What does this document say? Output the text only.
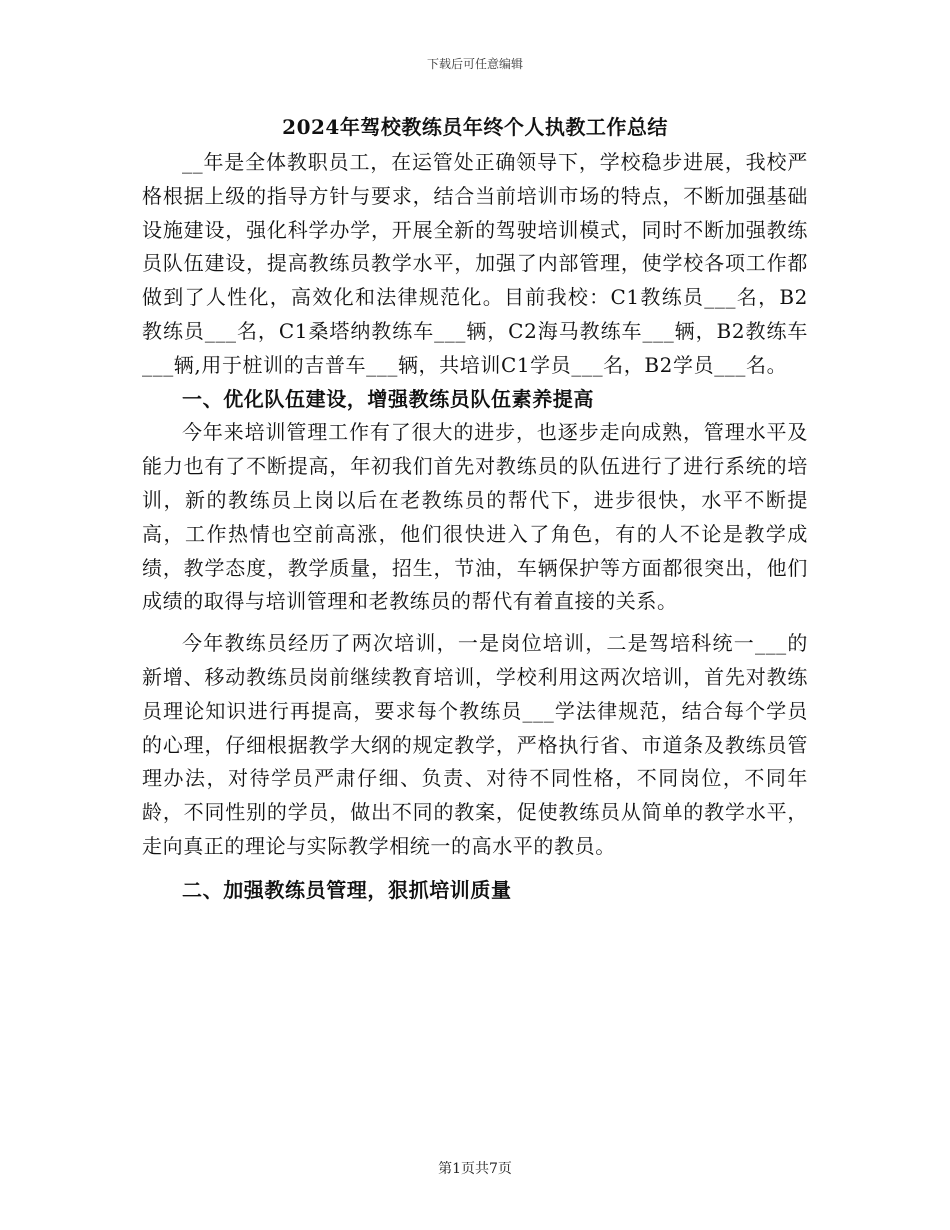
下载后可任意编辑
2024年驾校教练员年终个人执教工作总结

__年是全体教职员工，在运管处正确领导下，学校稳步进展，我校严格根据上级的指导方针与要求，结合当前培训市场的特点，不断加强基础设施建设，强化科学办学，开展全新的驾驶培训模式，同时不断加强教练员队伍建设，提高教练员教学水平，加强了内部管理，使学校各项工作都做到了人性化，高效化和法律规范化。目前我校：C1教练员___名，B2教练员___名，C1桑塔纳教练车___辆，C2海马教练车___辆，B2教练车___辆,用于桩训的吉普车___辆，共培训C1学员___名，B2学员___名。

一、优化队伍建设，增强教练员队伍素养提高

今年来培训管理工作有了很大的进步，也逐步走向成熟，管理水平及能力也有了不断提高，年初我们首先对教练员的队伍进行了进行系统的培训，新的教练员上岗以后在老教练员的帮代下，进步很快，水平不断提高，工作热情也空前高涨，他们很快进入了角色，有的人不论是教学成绩，教学态度，教学质量，招生，节油，车辆保护等方面都很突出，他们成绩的取得与培训管理和老教练员的帮代有着直接的关系。

今年教练员经历了两次培训，一是岗位培训，二是驾培科统一___的新增、移动教练员岗前继续教育培训，学校利用这两次培训，首先对教练员理论知识进行再提高，要求每个教练员___学法律规范，结合每个学员的心理，仔细根据教学大纲的规定教学，严格执行省、市道条及教练员管理办法，对待学员严肃仔细、负责、对待不同性格，不同岗位，不同年龄，不同性别的学员，做出不同的教案，促使教练员从简单的教学水平，走向真正的理论与实际教学相统一的高水平的教员。

二、加强教练员管理，狠抓培训质量

第1页共7页
